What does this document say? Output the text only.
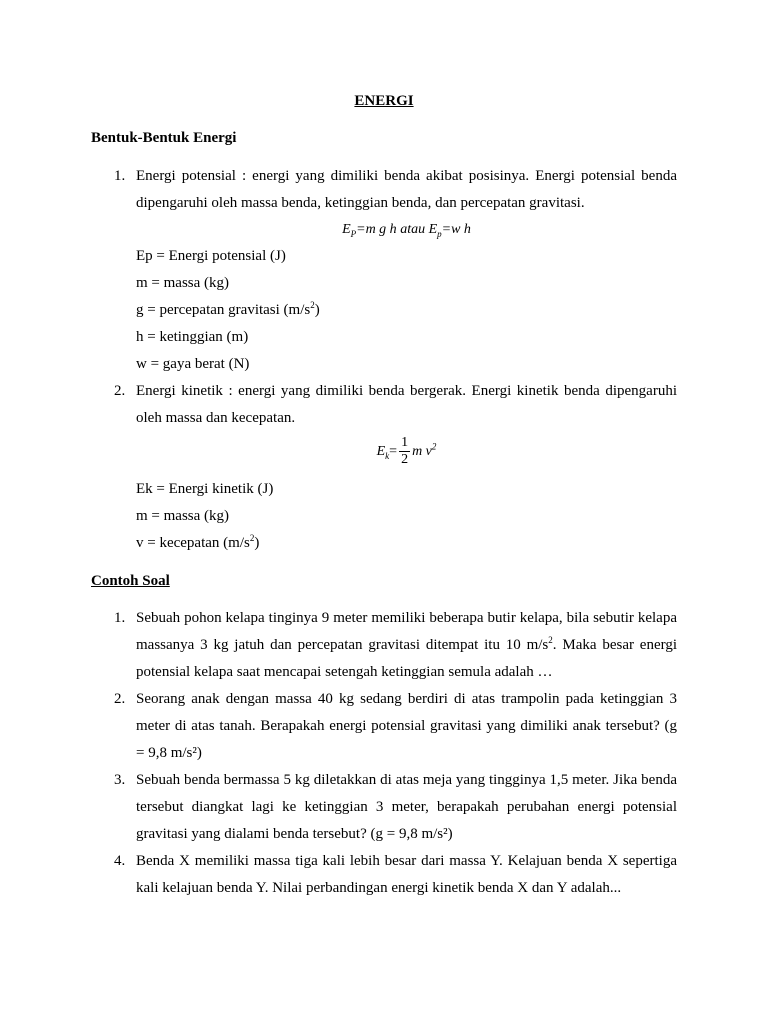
ENERGI
Bentuk-Bentuk Energi
1. Energi potensial : energi yang dimiliki benda akibat posisinya. Energi potensial benda
dipengaruhi oleh massa benda, ketinggian benda, dan percepatan gravitasi.
$E_P=m$ g h atau $E_p=w$ h
Ep = Energi potensial (J)
m = massa (kg)
g = percepatan gravitasi $(m/s^2)$
h = ketinggian (m)
w = gaya berat (N)
2. Energi kinetik : energi yang dimiliki benda bergerak. Energi kinetik benda dipengaruhi
oleh massa dan kecepatan.
$E_k= \frac{1}{2}$ m $v^2$
Ek = Energi kinetik (J)
m = massa (kg)
v = kecepatan $(m/s^2)$
Contoh Soal
1. Sebuah pohon kelapa tinginya 9 meter memiliki beberapa butir kelapa, bila sebutir kelapa
massanya 3 kg jatuh dan percepatan gravitasi ditempat itu 10 $m/s^2$. Maka besar energi
potensial kelapa saat mencapai setengah ketinggian semula adalah …
2. Seorang anak dengan massa 40 kg sedang berdiri di atas trampolin pada ketinggian 3
meter di atas tanah. Berapakah energi potensial gravitasi yang dimiliki anak tersebut? (g
= 9,8 m/s²)
3. Sebuah benda bermassa 5 kg diletakkan di atas meja yang tingginya 1,5 meter. Jika benda
tersebut diangkat lagi ke ketinggian 3 meter, berapakah perubahan energi potensial
gravitasi yang dialami benda tersebut? (g = 9,8 m/s²)
4. Benda X memiliki massa tiga kali lebih besar dari massa Y. Kelajuan benda X sepertiga
kali kelajuan benda Y. Nilai perbandingan energi kinetik benda X dan Y adalah...
